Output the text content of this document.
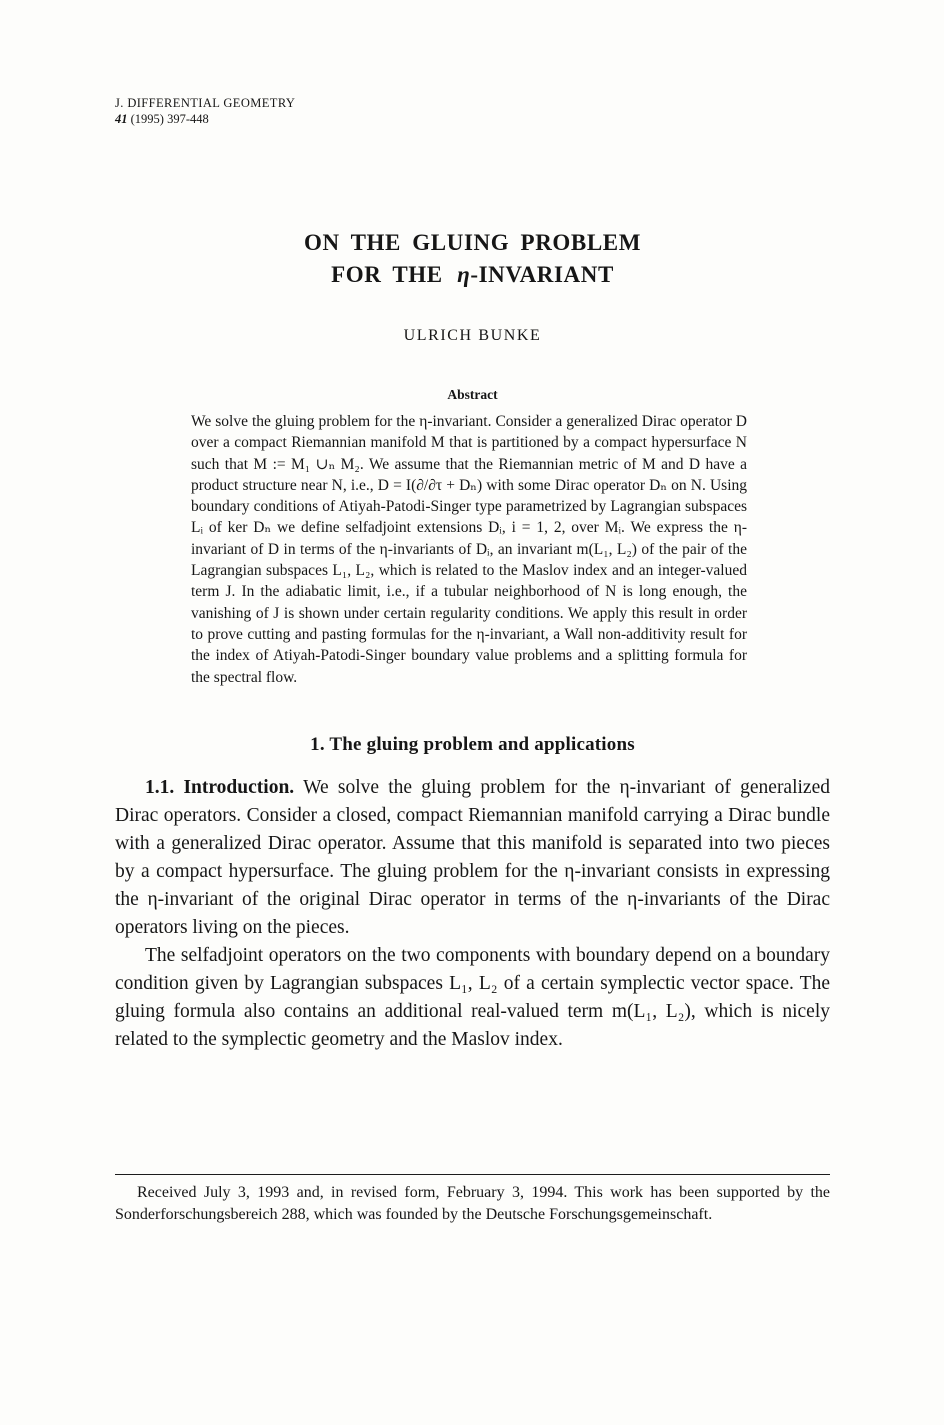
J. DIFFERENTIAL GEOMETRY
41 (1995) 397-448
ON THE GLUING PROBLEM
FOR THE η-INVARIANT
ULRICH BUNKE
Abstract

We solve the gluing problem for the η-invariant. Consider a generalized Dirac operator D over a compact Riemannian manifold M that is partitioned by a compact hypersurface N such that M := M₁ ∪ₙ M₂. We assume that the Riemannian metric of M and D have a product structure near N, i.e., D = I(∂/∂τ + Dₙ) with some Dirac operator Dₙ on N. Using boundary conditions of Atiyah-Patodi-Singer type parametrized by Lagrangian subspaces Lᵢ of ker Dₙ we define selfadjoint extensions Dᵢ, i = 1, 2, over Mᵢ. We express the η-invariant of D in terms of the η-invariants of Dᵢ, an invariant m(L₁, L₂) of the pair of the Lagrangian subspaces L₁, L₂, which is related to the Maslov index and an integer-valued term J. In the adiabatic limit, i.e., if a tubular neighborhood of N is long enough, the vanishing of J is shown under certain regularity conditions. We apply this result in order to prove cutting and pasting formulas for the η-invariant, a Wall non-additivity result for the index of Atiyah-Patodi-Singer boundary value problems and a splitting formula for the spectral flow.

1. The gluing problem and applications

1.1. Introduction. We solve the gluing problem for the η-invariant of generalized Dirac operators. Consider a closed, compact Riemannian manifold carrying a Dirac bundle with a generalized Dirac operator. Assume that this manifold is separated into two pieces by a compact hypersurface. The gluing problem for the η-invariant consists in expressing the η-invariant of the original Dirac operator in terms of the η-invariants of the Dirac operators living on the pieces.

The selfadjoint operators on the two components with boundary depend on a boundary condition given by Lagrangian subspaces L₁, L₂ of a certain symplectic vector space. The gluing formula also contains an additional real-valued term m(L₁, L₂), which is nicely related to the symplectic geometry and the Maslov index.

Received July 3, 1993 and, in revised form, February 3, 1994. This work has been supported by the Sonderforschungsbereich 288, which was founded by the Deutsche Forschungsgemeinschaft.
